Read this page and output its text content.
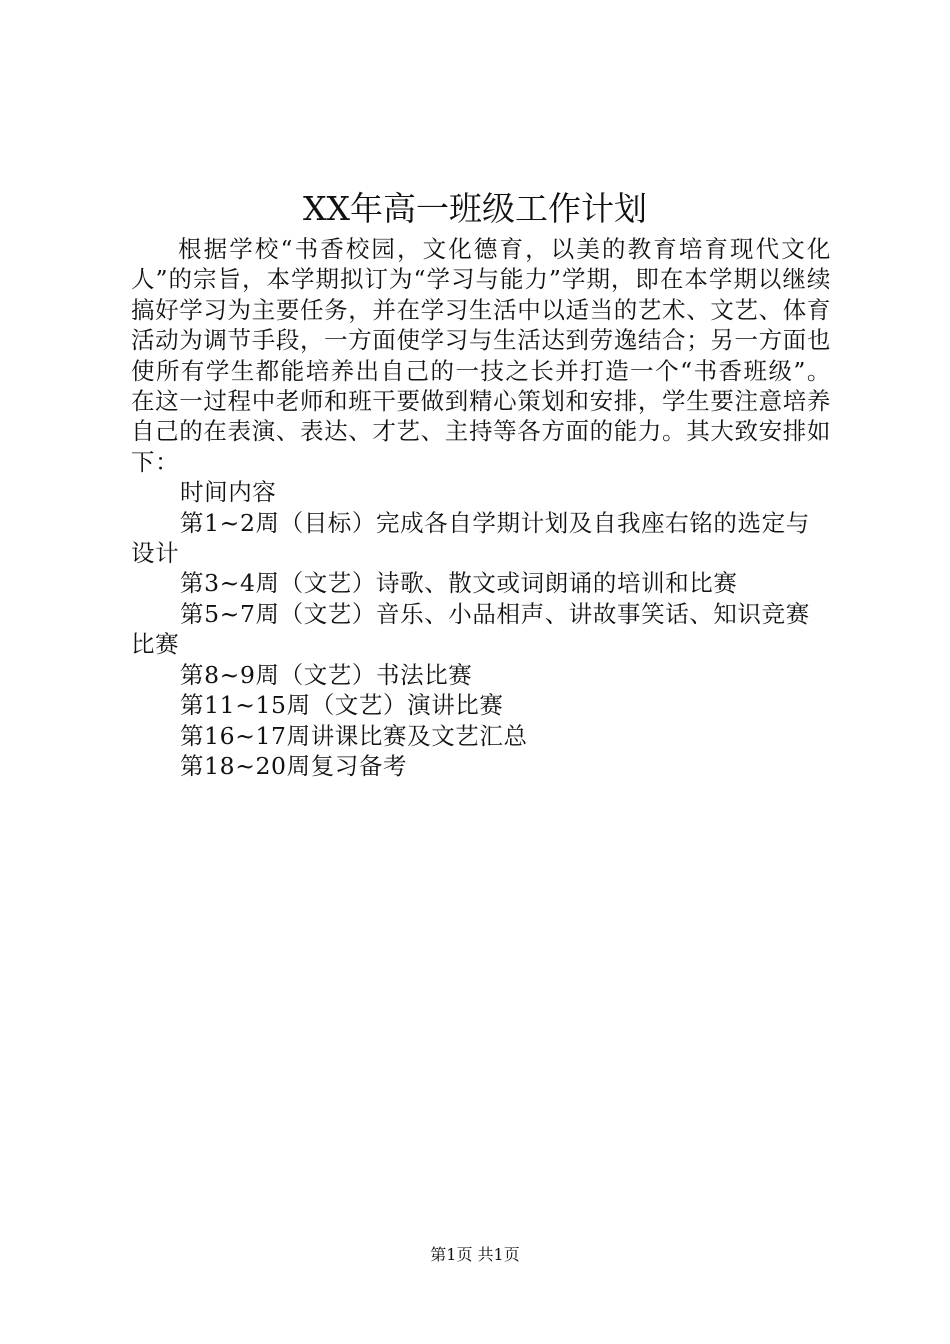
XX年高一班级工作计划

根据学校“书香校园，文化德育，以美的教育培育现代文化人”的宗旨，本学期拟订为“学习与能力”学期，即在本学期以继续搞好学习为主要任务，并在学习生活中以适当的艺术、文艺、体育活动为调节手段，一方面使学习与生活达到劳逸结合；另一方面也使所有学生都能培养出自己的一技之长并打造一个“书香班级”。在这一过程中老师和班干要做到精心策划和安排，学生要注意培养自己的在表演、表达、才艺、主持等各方面的能力。其大致安排如下：

时间内容

第1~2周（目标）完成各自学期计划及自我座右铭的选定与设计

第3~4周（文艺）诗歌、散文或词朗诵的培训和比赛

第5~7周（文艺）音乐、小品相声、讲故事笑话、知识竞赛比赛

第8~9周（文艺）书法比赛

第11~15周（文艺）演讲比赛

第16~17周讲课比赛及文艺汇总

第18~20周复习备考

第1页 共1页
